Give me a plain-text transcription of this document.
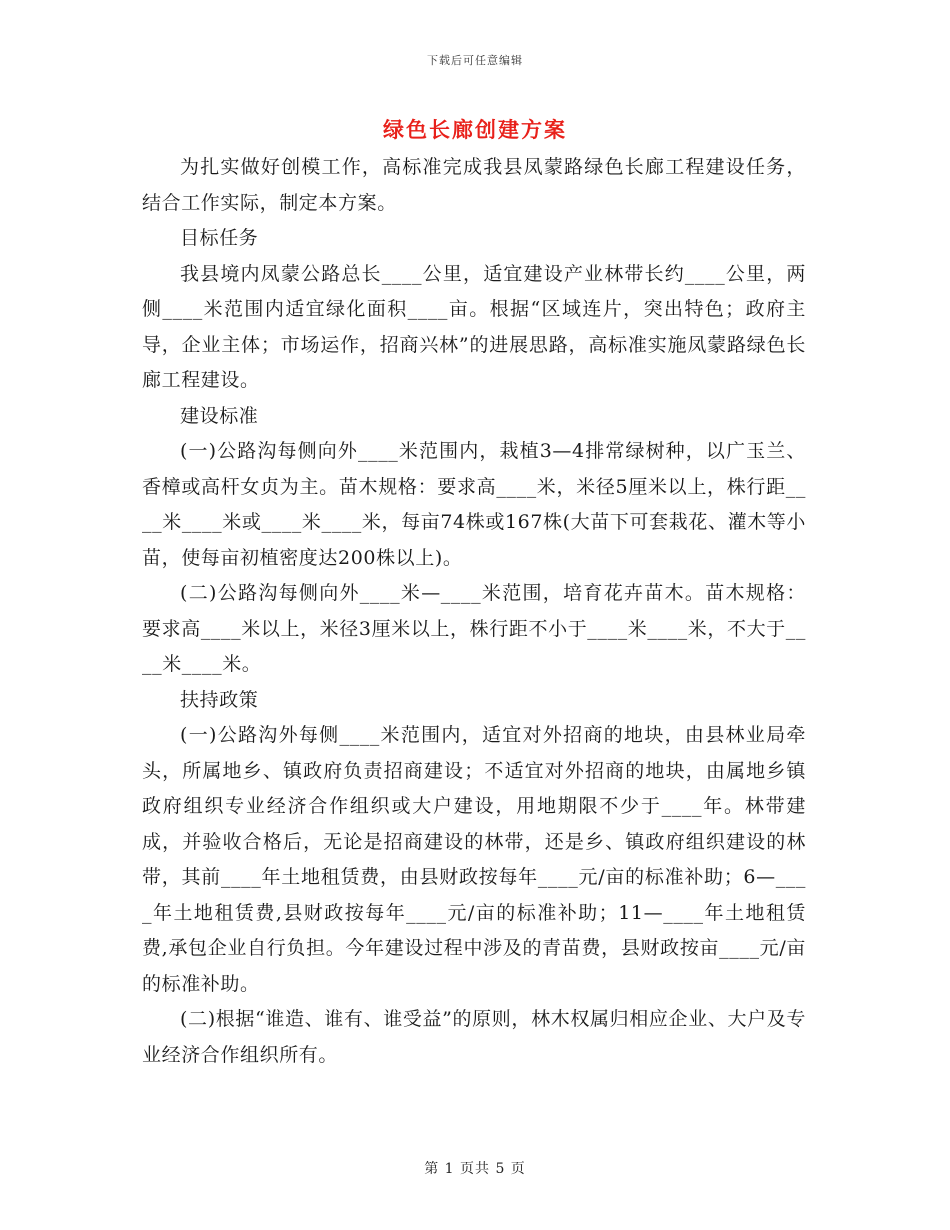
下载后可任意编辑
绿色长廊创建方案

为扎实做好创模工作，高标准完成我县凤蒙路绿色长廊工程建设任务，结合工作实际，制定本方案。

目标任务

我县境内凤蒙公路总长____公里，适宜建设产业林带长约____公里，两侧____米范围内适宜绿化面积____亩。根据“区域连片，突出特色；政府主导，企业主体；市场运作，招商兴林”的进展思路，高标准实施凤蒙路绿色长廊工程建设。

建设标准

(一)公路沟每侧向外____米范围内，栽植3—4排常绿树种，以广玉兰、香樟或高杆女贞为主。苗木规格：要求高____米，米径5厘米以上，株行距____米____米或____米____米，每亩74株或167株(大苗下可套栽花、灌木等小苗，使每亩初植密度达200株以上)。

(二)公路沟每侧向外____米—____米范围，培育花卉苗木。苗木规格：要求高____米以上，米径3厘米以上，株行距不小于____米____米，不大于____米____米。

扶持政策

(一)公路沟外每侧____米范围内，适宜对外招商的地块，由县林业局牵头，所属地乡、镇政府负责招商建设；不适宜对外招商的地块，由属地乡镇政府组织专业经济合作组织或大户建设，用地期限不少于____年。林带建成，并验收合格后，无论是招商建设的林带，还是乡、镇政府组织建设的林带，其前____年土地租赁费，由县财政按每年____元/亩的标准补助；6—____年土地租赁费,县财政按每年____元/亩的标准补助；11—____年土地租赁费,承包企业自行负担。今年建设过程中涉及的青苗费，县财政按亩____元/亩的标准补助。

(二)根据“谁造、谁有、谁受益”的原则，林木权属归相应企业、大户及专业经济合作组织所有。

第 1 页共 5 页
